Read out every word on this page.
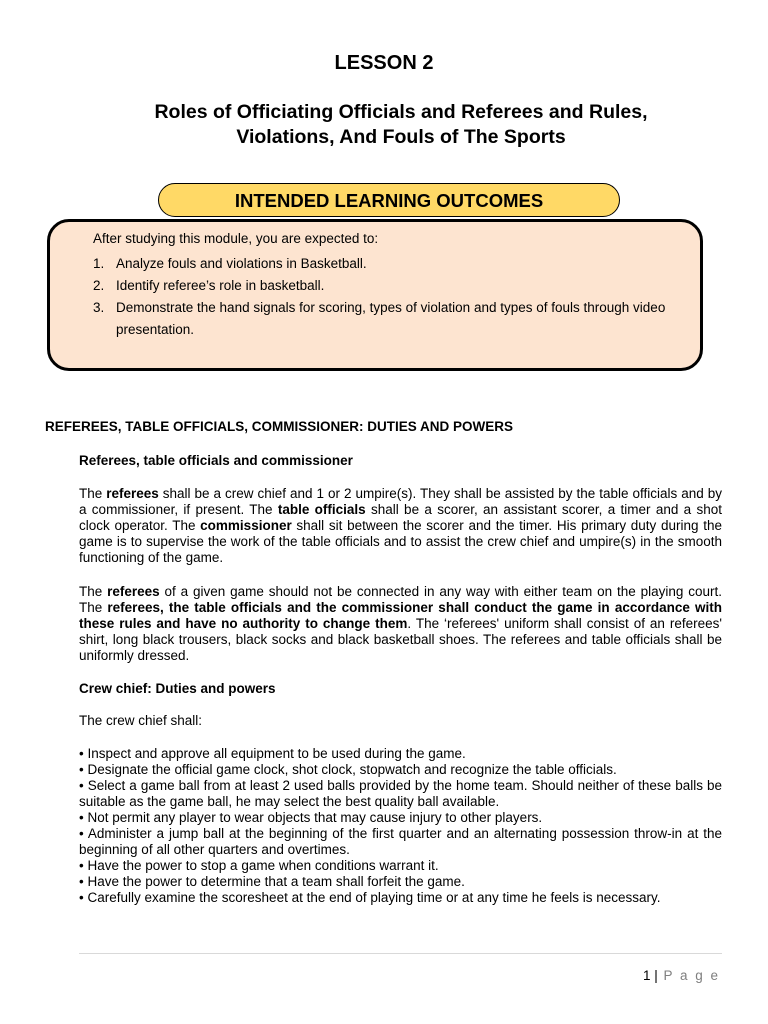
LESSON 2
Roles of Officiating Officials and Referees and Rules,
Violations, And Fouls of The Sports
INTENDED LEARNING OUTCOMES
After studying this module, you are expected to:
1. Analyze fouls and violations in Basketball.
2. Identify referee’s role in basketball.
3. Demonstrate the hand signals for scoring, types of violation and types of fouls through video presentation.
REFEREES, TABLE OFFICIALS, COMMISSIONER: DUTIES AND POWERS
Referees, table officials and commissioner

The referees shall be a crew chief and 1 or 2 umpire(s). They shall be assisted by the table officials and by a commissioner, if present. The table officials shall be a scorer, an assistant scorer, a timer and a shot clock operator. The commissioner shall sit between the scorer and the timer. His primary duty during the game is to supervise the work of the table officials and to assist the crew chief and umpire(s) in the smooth functioning of the game.

The referees of a given game should not be connected in any way with either team on the playing court. The referees, the table officials and the commissioner shall conduct the game in accordance with these rules and have no authority to change them. The ‘referees' uniform shall consist of an referees' shirt, long black trousers, black socks and black basketball shoes. The referees and table officials shall be uniformly dressed.

Crew chief: Duties and powers
The crew chief shall:
• Inspect and approve all equipment to be used during the game.
• Designate the official game clock, shot clock, stopwatch and recognize the table officials.
• Select a game ball from at least 2 used balls provided by the home team. Should neither of these balls be suitable as the game ball, he may select the best quality ball available.
• Not permit any player to wear objects that may cause injury to other players.
• Administer a jump ball at the beginning of the first quarter and an alternating possession throw-in at the beginning of all other quarters and overtimes.
• Have the power to stop a game when conditions warrant it.
• Have the power to determine that a team shall forfeit the game.
• Carefully examine the scoresheet at the end of playing time or at any time he feels is necessary.
1 | P a g e
